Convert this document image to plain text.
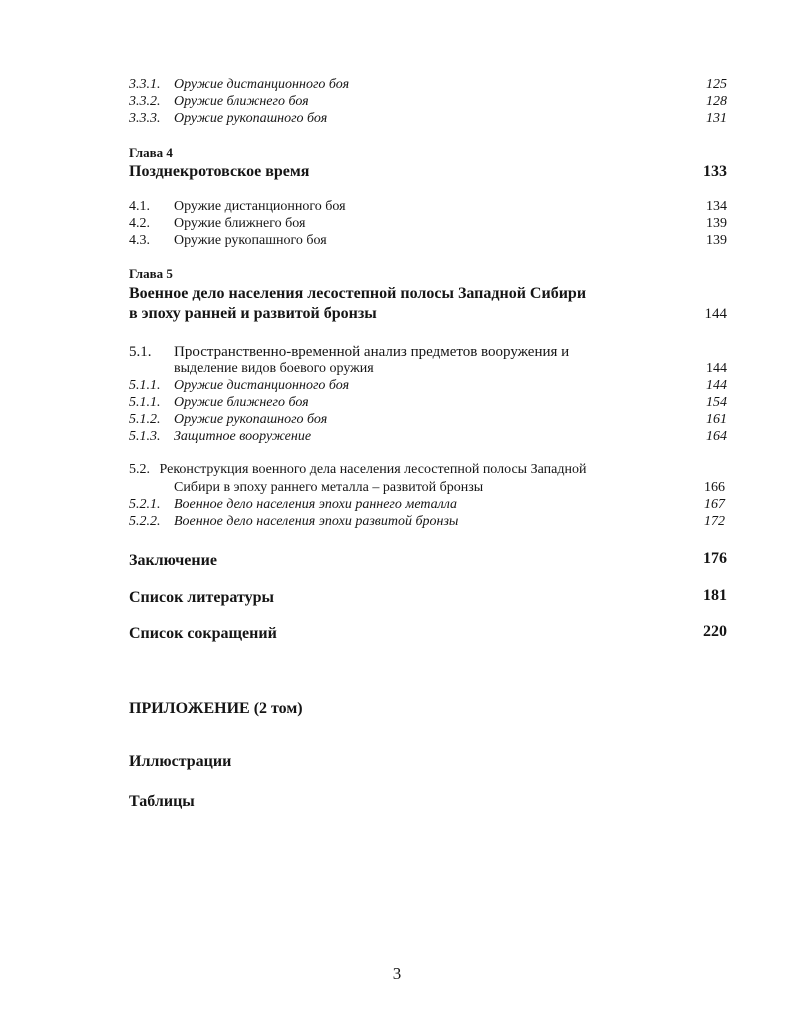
3.3.1. Оружие дистанционного боя	125
3.3.2. Оружие ближнего боя	128
3.3.3. Оружие рукопашного боя	131
Глава 4
Позднекротовское время	133
4.1. Оружие дистанционного боя	134
4.2. Оружие ближнего боя	139
4.3. Оружие рукопашного боя	139
Глава 5
Военное дело населения лесостепной полосы Западной Сибири
в эпоху ранней и развитой бронзы	144
5.1. Пространственно-временной анализ предметов вооружения и
выделение видов боевого оружия	144
5.1.1. Оружие дистанционного боя	144
5.1.1. Оружие ближнего боя	154
5.1.2. Оружие рукопашного боя	161
5.1.3. Защитное вооружение	164
5.2. Реконструкция военного дела населения лесостепной полосы Западной
Сибири в эпоху раннего металла – развитой бронзы	166
5.2.1. Военное дело населения эпохи раннего металла	167
5.2.2. Военное дело населения эпохи развитой бронзы	172
Заключение	176
Список литературы	181
Список сокращений	220
ПРИЛОЖЕНИЕ (2 том)
Иллюстрации
Таблицы
3
